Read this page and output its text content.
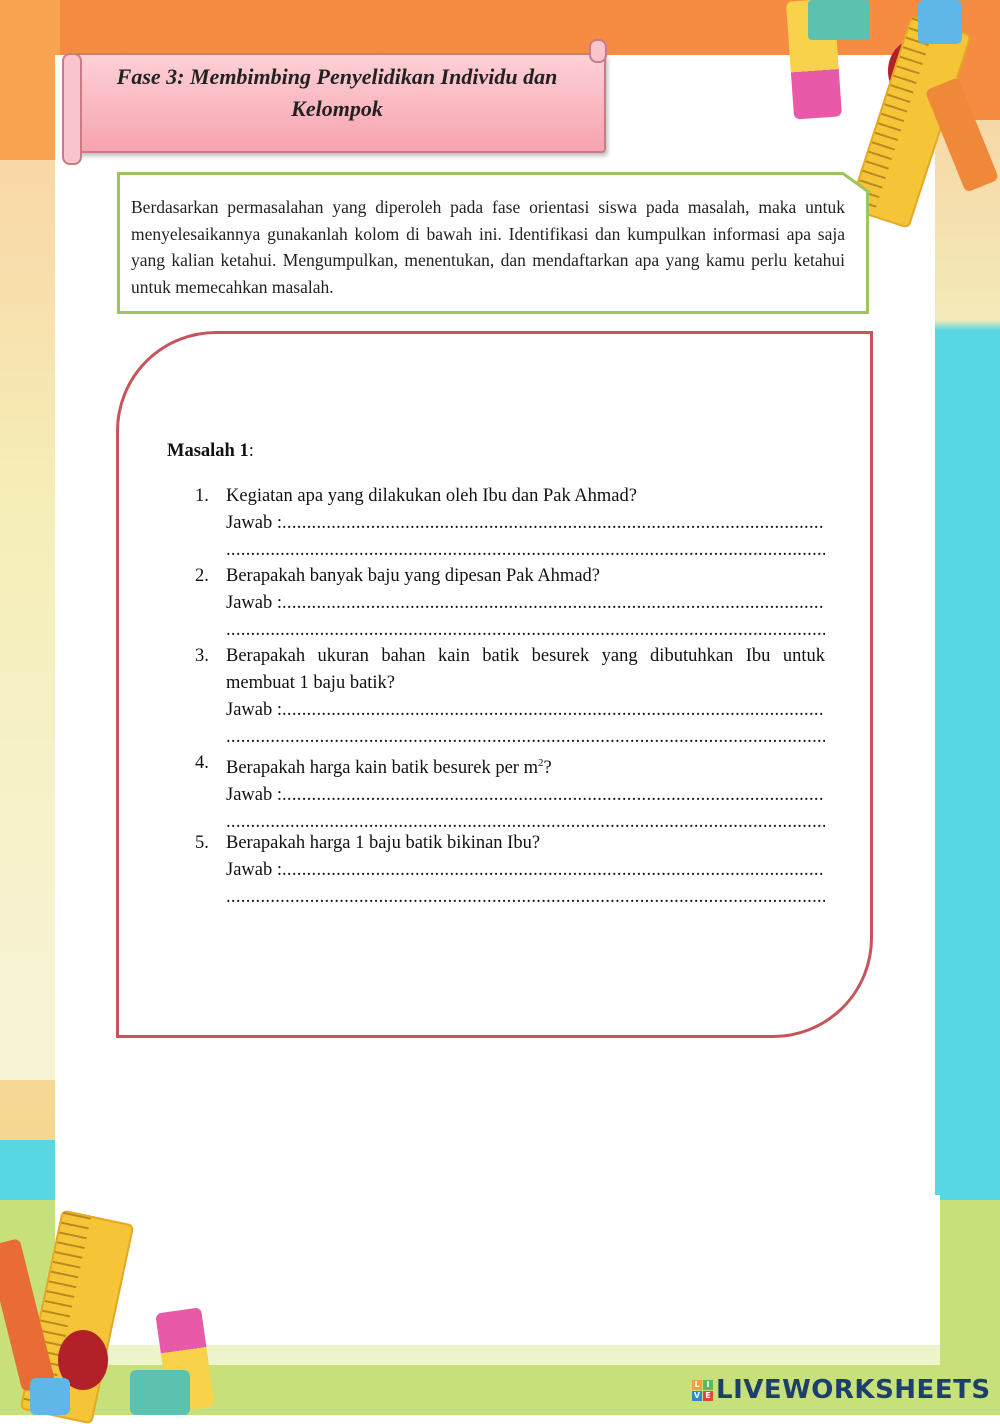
Fase 3: Membimbing Penyelidikan Individu dan
Kelompok
Berdasarkan permasalahan yang diperoleh pada fase orientasi siswa pada masalah, maka untuk menyelesaikannya gunakanlah kolom di bawah ini. Identifikasi dan kumpulkan informasi apa saja yang kalian ketahui. Mengumpulkan, menentukan, dan mendaftarkan apa yang kamu perlu ketahui untuk memecahkan masalah.
Masalah 1:
1. Kegiatan apa yang dilakukan oleh Ibu dan Pak Ahmad?
Jawab : .....
.....
2. Berapakah banyak baju yang dipesan Pak Ahmad?
Jawab : .....
.....
3. Berapakah ukuran bahan kain batik besurek yang dibutuhkan Ibu untuk
membuat 1 baju batik?
Jawab : .....
.....
4. Berapakah harga kain batik besurek per $m^2$?
Jawab : .....
.....
5. Berapakah harga 1 baju batik bikinan Ibu?
Jawab : .....
.....
L I
V E LIVEWORKSHEETS
